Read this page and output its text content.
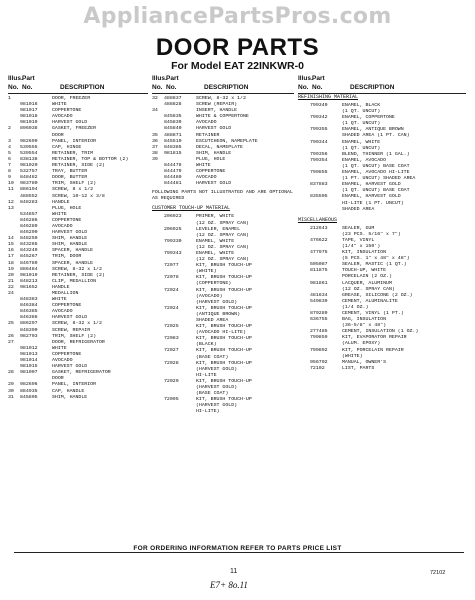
AppliancePartsPros.com
DOOR PARTS
For Model EAT 22INKWR-0
Illus.
No.
Part
No.	DESCRIPTION
1	DOOR, FREEZER
981016	WHITE
981017	COPPERTONE
981018	AVOCADO
981019	HARVEST GOLD
2	896038	GASKET, FREEZER
DOOR
3	982699	PANEL, INTERIOR
4	539555	CAP, HINGE
5	539554	RETAINER, TRIM
6	838138	RETAINER, TOP & BOTTOM (2)
7	981020	RETAINER, SIDE (2)
8	532757	TRAY, BUTTER
9	848482	DOOR, BUTTER
10	983780	TRIM, SHELF (2)
11	886194	SCREW, 8 x 1/2
488552	SCREW, 10-12 x 3/8
12	848283	HANDLE
13	PLUG, HOLE
534857	WHITE
846286	COPPERTONE
846289	AVOCADO
846290	HARVEST GOLD
14	848250	SHIM, HANDLE
15	843265	SHIM, HANDLE
16	843249	SPACER, HANDLE
17	845267	TRIM, DOOR
18	846789	SPACER, HANDLE
19	886484	SCREW, 8-32 x 1/2
20	981019	RETAINER, SIDE (2)
21	848213	CLIP, MEDALLION
22	981652	HANDLE
24	MEDALLION
848383	WHITE
846384	COPPERTONE
846385	AVOCADO
846386	HARVEST GOLD
25	886297	SCREW, 8-32 x 1/2
848390	SCREW, REPAIR
26	982703	TRIM, SHELF (2)
27	DOOR, REFRIGERATOR
981012	WHITE
981013	COPPERTONE
981014	AVOCADO
981015	HARVEST GOLD
28	981007	GASKET, REFRIGERATOR
DOOR
29	982696	PANEL, INTERIOR
30	884935	CAP, HANDLE
31	845805	SHIM, HANDLE
Illus.
No.
Part
No.	DESCRIPTION
32	488837	SCREW, 8-32 x 1/2
488828	SCREW (REPAIR)
34	INSERT, HANDLE
845835	WHITE & COPPERTONE
845839	AVOCADO
845840	HARVEST GOLD
35	488871	RETAINER
36	845510	ESCUTCHEON, NAMEPLATE
37	848385	DECAL, NAMEPLATE
38	981815	SHIM, HANDLE
39	PLUG, HOLE
844478	WHITE
844479	COPPERTONE
844480	AVOCADO
844481	HARVEST GOLD
FOLLOWING PARTS NOT ILLUSTRATED AND ARE OPTIONAL AS REQUIRED
CUSTOMER TOUCH-UP MATERIAL
206923	PRIMER, WHITE
(12 OZ. SPRAY CAN)
206925	LEVELER, ENAMEL
(12 OZ. SPRAY CAN)
799330	ENAMEL, WHITE
(12 OZ. SPRAY CAN)
799343	ENAMEL, WHITE
(12 OZ. SPRAY CAN)
72077	KIT, BRUSH TOUCH-UP
(WHITE)
72078	KIT, BRUSH TOUCH-UP
(COPPERTONE)
72024	KIT, BRUSH TOUCH-UP
(AVOCADO)
(HARVEST GOLD)
72024	KIT, BRUSH TOUCH-UP
(ANTIQUE BROWN)
SHADED AREA
72025	KIT, BRUSH TOUCH-UP
(AVOCADO HI-LITE)
72083	KIT, BRUSH TOUCH-UP
(BLACK)
72027	KIT, BRUSH TOUCH-UP
(BASE COAT)
72028	KIT, BRUSH TOUCH-UP
(HARVEST GOLD)
HI-LITE
72029	KIT, BRUSH TOUCH-UP
(HARVEST GOLD)
(BASE COAT)
72095	KIT, BRUSH TOUCH-UP
(HARVEST GOLD)
HI-LITE)
Illus.
No.
Part
No.	DESCRIPTION
REFINISHING MATERIAL
799340	ENAMEL, BLACK
(1 QT. UNCUT)
799342	ENAMEL, COPPERTONE
(1 QT. UNCUT)
799355	ENAMEL, ANTIQUE BROWN
SHADED AREA (1 PT. CAN)
799344	ENAMEL, WHITE
(1 QT. UNCUT)
799356	BLEND, THINNER (1 GAL.)
799354	ENAMEL, AVOCADO
(1 QT. UNCUT) BASE COAT
799855	ENAMEL, AVOCADO HI-LITE
(1 PT. UNCUT) SHADED AREA
837883	ENAMEL, HARVEST GOLD
(1 QT. UNCUT) BASE COAT
835505	ENAMEL, HARVEST GOLD
HI-LITE (1 PT. UNCUT)
SHADED AREA
MISCELLANEOUS
212643	SEALER, GUM
(23 PCS. 5/16" x 7")
476622	TAPE, VINYL
(1/4" x 150')
477975	KIT, INSULATION
(5 PCS. 1" x 48" x 48")
505087	SEALER, MASTIC (1 QT.)
811875	TOUCH-UP, WHITE
PORCELAIN (2 OZ.)
981861	LACQUER, ALUMINUM
(12 OZ. SPRAY CAN)
481634	GREASE, SILICONE (2 OZ.)
549839	CEMENT, ALUMINALITE
(1/4 OZ.)
879289	CEMENT, VINYL (1 PT.)
636755	BAG, INSULATION
(36-5/8" x 48")
277485	CEMENT, INSULATION (1 OZ.)
799859	KIT, EVAPORATOR REPAIR
(ALUM. EPOXY)
799892	KIT, PORCELAIN REPAIR
(WHITE)
956702	MANUAL, OWNER'S
72102	LIST, PARTS
FOR ORDERING INFORMATION REFER TO PARTS PRICE LIST
11
E7+ 8o.11
72102
